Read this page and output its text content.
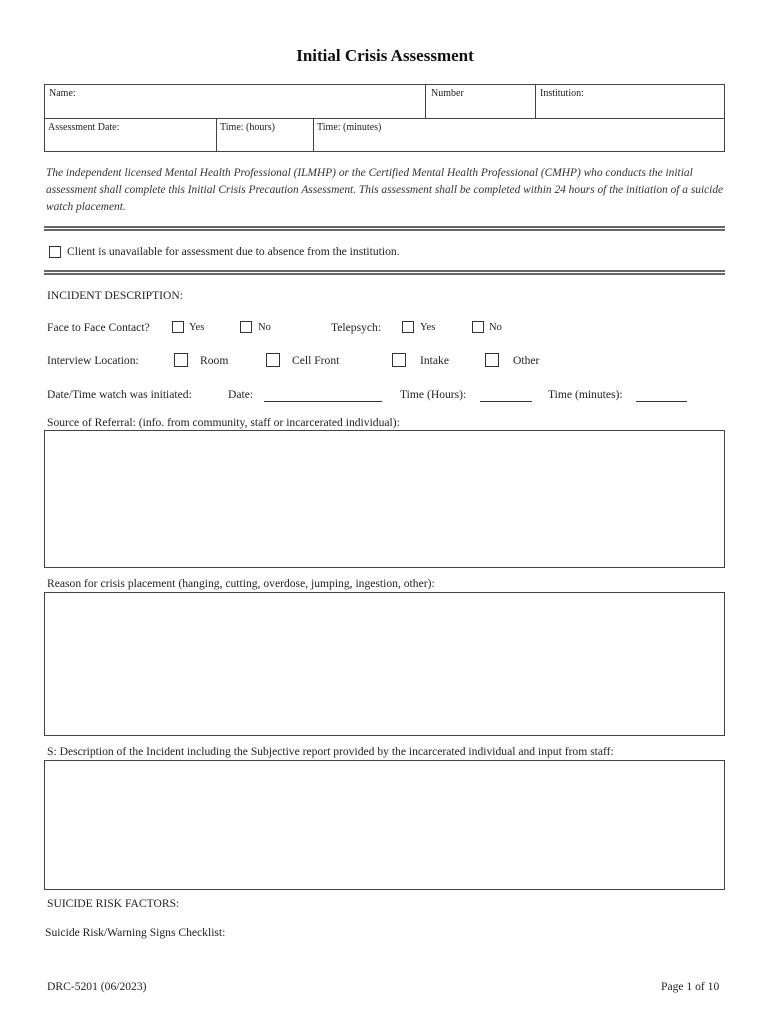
Initial Crisis Assessment
Name:	Number	Institution:
Assessment Date:	Time: (hours)	Time: (minutes)
The independent licensed Mental Health Professional (ILMHP) or the Certified Mental Health Professional (CMHP) who conducts the initial assessment shall complete this Initial Crisis Precaution Assessment. This assessment shall be completed within 24 hours of the initiation of a suicide watch placement.
Client is unavailable for assessment due to absence from the institution.
INCIDENT DESCRIPTION:
Face to Face Contact?	Yes	No	Telepsych:	Yes	No
Interview Location:	Room	Cell Front	Intake	Other
Date/Time watch was initiated:	Date:	Time (Hours):	Time (minutes):
Source of Referral: (info. from community, staff or incarcerated individual):
Reason for crisis placement (hanging, cutting, overdose, jumping, ingestion, other):
S: Description of the Incident including the Subjective report provided by the incarcerated individual and input from staff:
SUICIDE RISK FACTORS:
Suicide Risk/Warning Signs Checklist:
DRC-5201 (06/2023)	Page 1 of 10
